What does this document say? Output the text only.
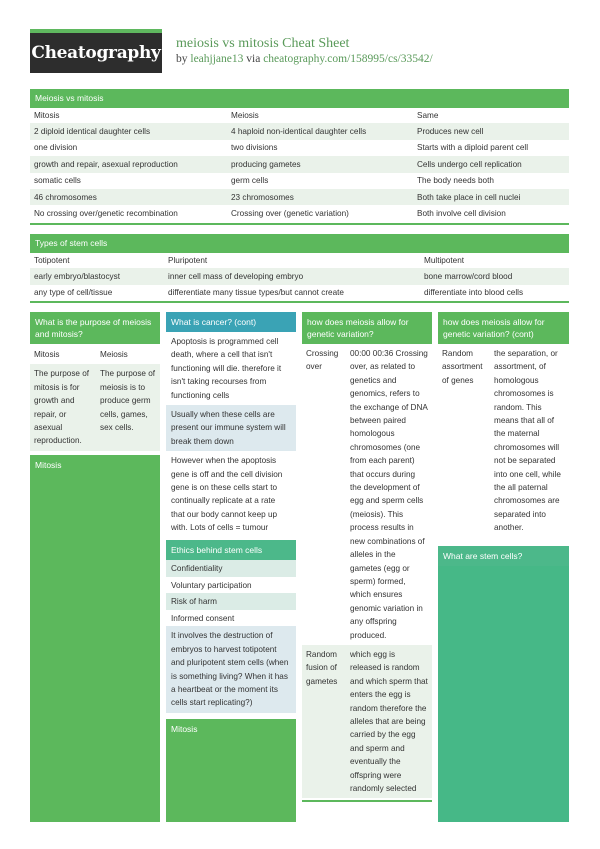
Cheatography meiosis vs mitosis Cheat Sheet
by leahjjane13 via cheatography.com/158995/cs/33542/
Meiosis vs mitosis
Mitosis	Meiosis	Same
2 diploid identical daughter cells	4 haploid non-identical daughter cells	Produces new cell
one division	two divisions	Starts with a diploid parent cell
growth and repair, asexual reproduction	producing gametes	Cells undergo cell replication
somatic cells	germ cells	The body needs both
46 chromosomes	23 chromosomes	Both take place in cell nuclei
No crossing over/genetic recombination	Crossing over (genetic variation)	Both involve cell division
Types of stem cells
Totipotent	Pluripotent	Multipotent
early embryo/blastocyst	inner cell mass of developing embryo	bone marrow/cord blood
any type of cell/tissue	differentiate many tissue types/but cannot create	differentiate into blood cells
What is the purpose of meiosis and mitosis?
Mitosis	Meiosis
The purpose of mitosis is for growth and repair, or asexual reproduction.
The purpose of meiosis is to produce germ cells, games, sex cells.
Mitosis
What is cancer? (cont)
Apoptosis is programmed cell death, where a cell that isn't functioning will die. therefore it isn't taking recourses from functioning cells
Usually when these cells are present our immune system will break them down
However when the apoptosis gene is off and the cell division gene is on these cells start to continually replicate at a rate that our body cannot keep up with. Lots of cells = tumour
Ethics behind stem cells
Confidentiality
Voluntary participation
Risk of harm
Informed consent
It involves the destruction of embryos to harvest totipotent and pluripotent stem cells (when is something living? When it has a heartbeat or the moment its cells start replicating?)
Mitosis
how does meiosis allow for genetic variation?
Crossing over
00:00 00:36 Crossing over, as related to genetics and genomics, refers to the exchange of DNA between paired homologous chromosomes (one from each parent) that occurs during the development of egg and sperm cells (meiosis). This process results in new combinations of alleles in the gametes (egg or sperm) formed, which ensures genomic variation in any offspring produced.
Random fusion of gametes
which egg is released is random and which sperm that enters the egg is random therefore the alleles that are being carried by the egg and sperm and eventually the offspring were randomly selected
how does meiosis allow for genetic variation? (cont)
Random assortment of genes
the separation, or assortment, of homologous chromosomes is random. This means that all of the maternal chromosomes will not be separated into one cell, while the all paternal chromosomes are separated into another.
What are stem cells?
